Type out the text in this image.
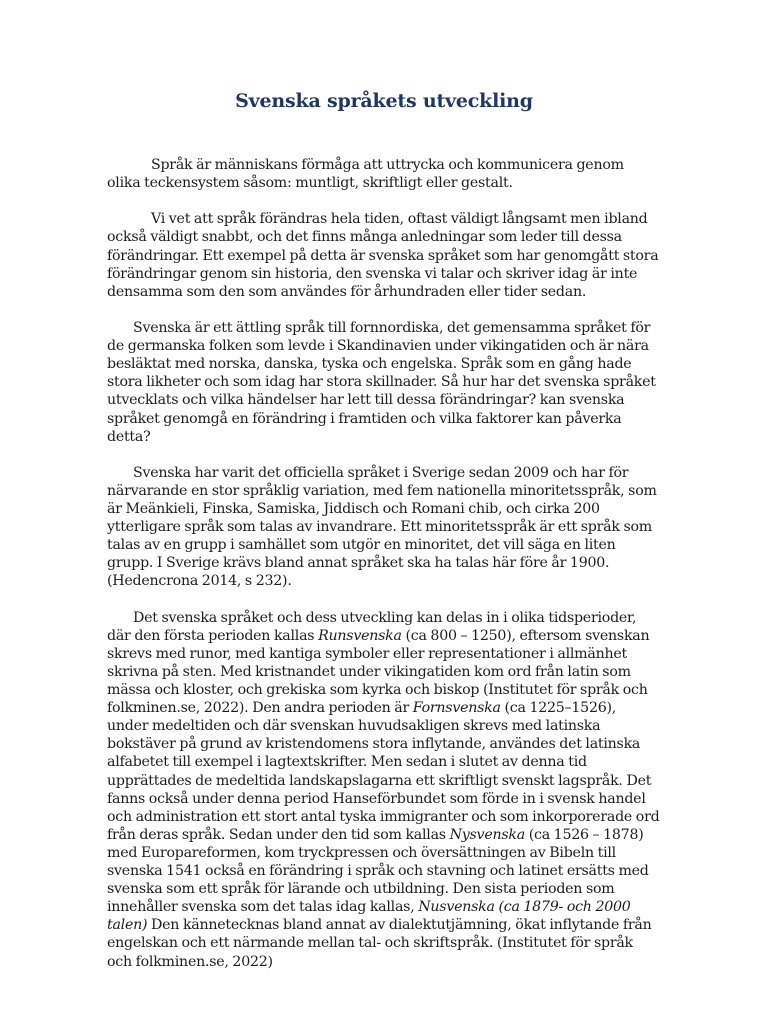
Svenska språkets utveckling

Språk är människans förmåga att uttrycka och kommunicera genom olika teckensystem såsom: muntligt, skriftligt eller gestalt.

Vi vet att språk förändras hela tiden, oftast väldigt långsamt men ibland också väldigt snabbt, och det finns många anledningar som leder till dessa förändringar. Ett exempel på detta är svenska språket som har genomgått stora förändringar genom sin historia, den svenska vi talar och skriver idag är inte densamma som den som användes för århundraden eller tider sedan.

Svenska är ett ättling språk till fornnordiska, det gemensamma språket för de germanska folken som levde i Skandinavien under vikingatiden och är nära besläktat med norska, danska, tyska och engelska. Språk som en gång hade stora likheter och som idag har stora skillnader. Så hur har det svenska språket utvecklats och vilka händelser har lett till dessa förändringar? kan svenska språket genomgå en förändring i framtiden och vilka faktorer kan påverka detta?

Svenska har varit det officiella språket i Sverige sedan 2009 och har för närvarande en stor språklig variation, med fem nationella minoritetsspråk, som är Meänkieli, Finska, Samiska, Jiddisch och Romani chib, och cirka 200 ytterligare språk som talas av invandrare. Ett minoritetsspråk är ett språk som talas av en grupp i samhället som utgör en minoritet, det vill säga en liten grupp. I Sverige krävs bland annat språket ska ha talas här före år 1900. (Hedencrona 2014, s 232).

Det svenska språket och dess utveckling kan delas in i olika tidsperioder, där den första perioden kallas Runsvenska (ca 800 – 1250), eftersom svenskan skrevs med runor, med kantiga symboler eller representationer i allmänhet skrivna på sten. Med kristnandet under vikingatiden kom ord från latin som mässa och kloster, och grekiska som kyrka och biskop (Institutet för språk och folkminen.se, 2022). Den andra perioden är Fornsvenska (ca 1225–1526), under medeltiden och där svenskan huvudsakligen skrevs med latinska bokstäver på grund av kristendomens stora inflytande, användes det latinska alfabetet till exempel i lagtextskrifter. Men sedan i slutet av denna tid upprättades de medeltida landskapslagarna ett skriftligt svenskt lagspråk. Det fanns också under denna period Hanseförbundet som förde in i svensk handel och administration ett stort antal tyska immigranter och som inkorporerade ord från deras språk. Sedan under den tid som kallas Nysvenska (ca 1526 – 1878) med Europareformen, kom tryckpressen och översättningen av Bibeln till svenska 1541 också en förändring i språk och stavning och latinet ersätts med svenska som ett språk för lärande och utbildning. Den sista perioden som innehåller svenska som det talas idag kallas, Nusvenska (ca 1879- och 2000 talen) Den kännetecknas bland annat av dialektutjämning, ökat inflytande från engelskan och ett närmande mellan tal- och skriftspråk. (Institutet för språk och folkminen.se, 2022)
